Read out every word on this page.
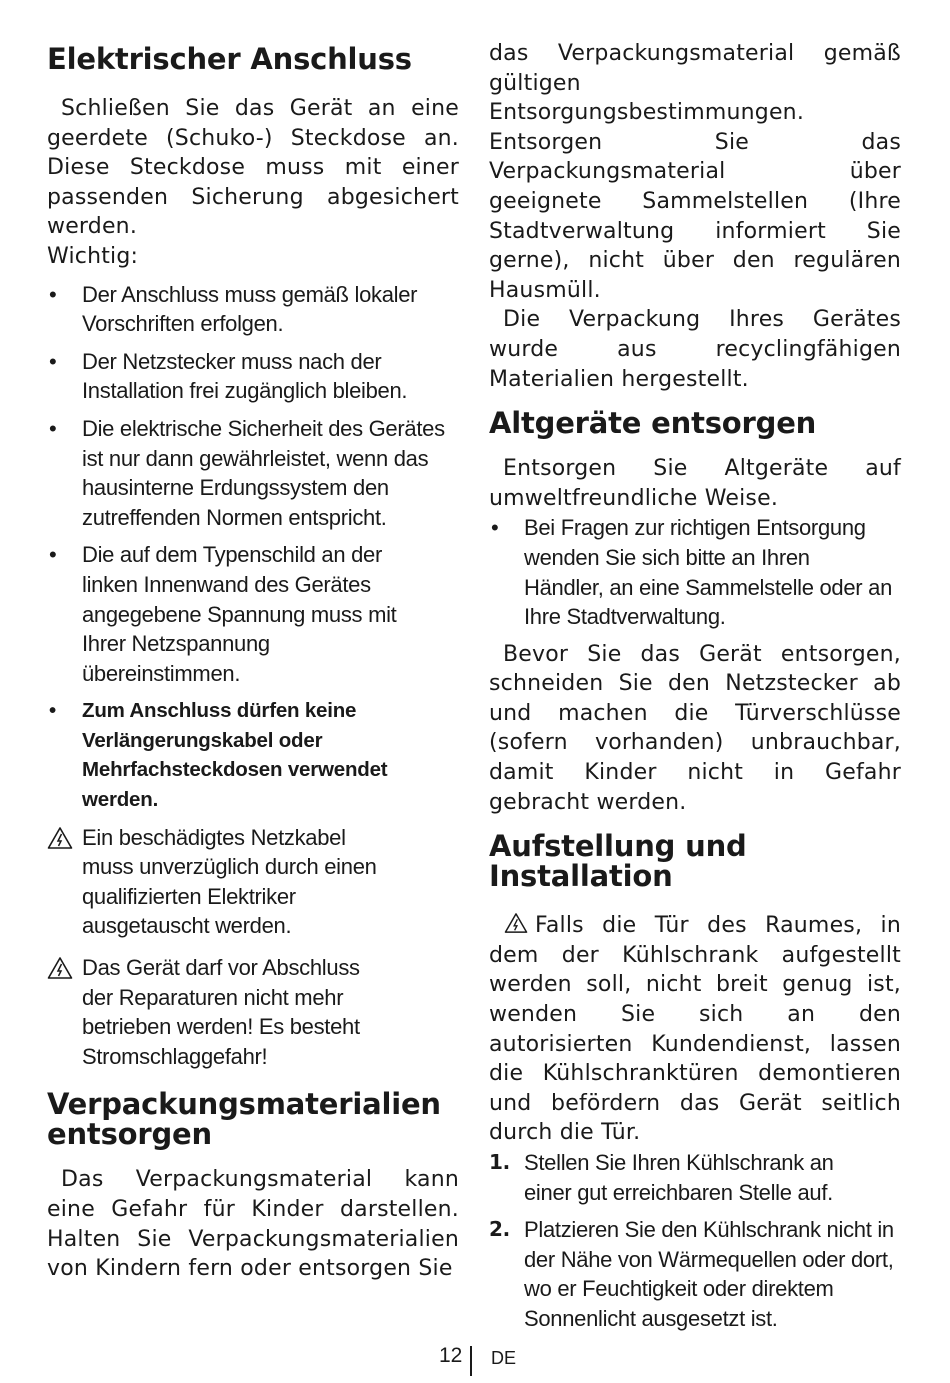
Elektrischer Anschluss

Schließen Sie das Gerät an eine geerdete (Schuko-) Steckdose an. Diese Steckdose muss mit einer passenden Sicherung abgesichert werden.

Wichtig:

•	Der Anschluss muss gemäß lokaler Vorschriften erfolgen.
•	Der Netzstecker muss nach der Installation frei zugänglich bleiben.
•	Die elektrische Sicherheit des Gerätes ist nur dann gewährleistet, wenn das hausinterne Erdungssystem den zutreffenden Normen entspricht.
•	Die auf dem Typenschild an der linken Innenwand des Gerätes angegebene Spannung muss mit Ihrer Netzspannung übereinstimmen.
•	Zum Anschluss dürfen keine Verlängerungskabel oder Mehrfachsteckdosen verwendet werden.
Ein beschädigtes Netzkabel muss unverzüglich durch einen qualifizierten Elektriker ausgetauscht werden.
Das Gerät darf vor Abschluss der Reparaturen nicht mehr betrieben werden! Es besteht Stromschlaggefahr!
Verpackungsmaterialien entsorgen

Das Verpackungsmaterial kann eine Gefahr für Kinder darstellen. Halten Sie Verpackungsmaterialien von Kindern fern oder entsorgen Sie

das Verpackungsmaterial gemäß gültigen Entsorgungsbestimmungen. Entsorgen Sie das Verpackungsmaterial über geeignete Sammelstellen (Ihre Stadtverwaltung informiert Sie gerne), nicht über den regulären Hausmüll.

Die Verpackung Ihres Gerätes wurde aus recyclingfähigen Materialien hergestellt.

Altgeräte entsorgen

Entsorgen Sie Altgeräte auf umweltfreundliche Weise.

•	Bei Fragen zur richtigen Entsorgung wenden Sie sich bitte an Ihren Händler, an eine Sammelstelle oder an Ihre Stadtverwaltung.

Bevor Sie das Gerät entsorgen, schneiden Sie den Netzstecker ab und machen die Türverschlüsse (sofern vorhanden) unbrauchbar, damit Kinder nicht in Gefahr gebracht werden.

Aufstellung und Installation

Falls die Tür des Raumes, in dem der Kühlschrank aufgestellt werden soll, nicht breit genug ist, wenden Sie sich an den autorisierten Kundendienst, lassen die Kühlschranktüren demontieren und befördern das Gerät seitlich durch die Tür.

1. Stellen Sie Ihren Kühlschrank an einer gut erreichbaren Stelle auf.
2. Platzieren Sie den Kühlschrank nicht in der Nähe von Wärmequellen oder dort, wo er Feuchtigkeit oder direktem Sonnenlicht ausgesetzt ist.
12 DE
